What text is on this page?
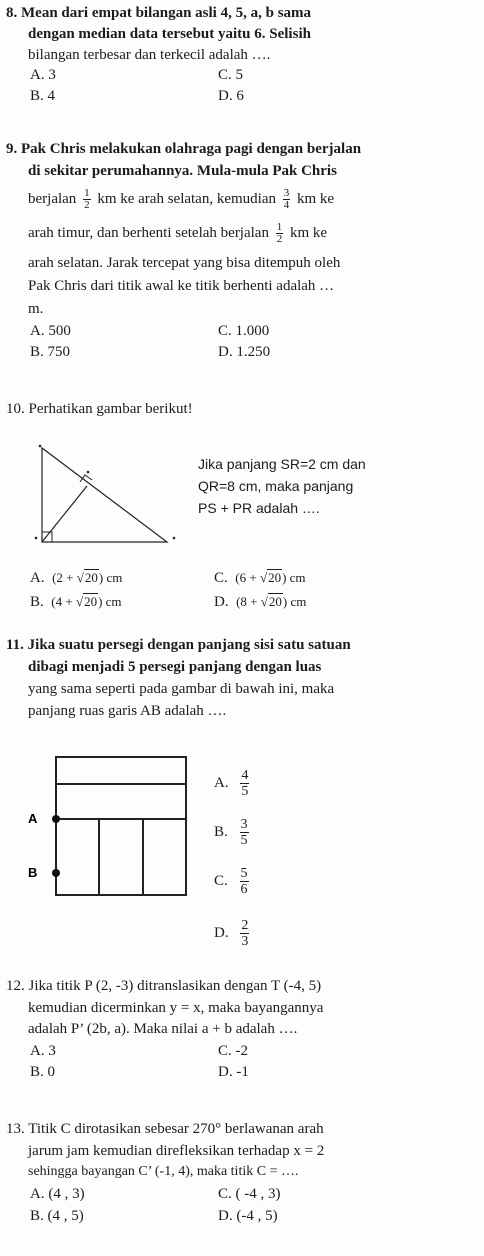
8. Mean dari empat bilangan asli 4, 5, a, b sama
dengan median data tersebut yaitu 6. Selisih
bilangan terbesar dan terkecil adalah ….
A. 3
B. 4
C. 5
D. 6
9. Pak Chris melakukan olahraga pagi dengan berjalan
di sekitar perumahannya. Mula-mula Pak Chris
berjalan $\frac{1}{2}$ km ke arah selatan, kemudian $\frac{3}{4}$ km ke
arah timur, dan berhenti setelah berjalan $\frac{1}{2}$ km ke
arah selatan. Jarak tercepat yang bisa ditempuh oleh
Pak Chris dari titik awal ke titik berhenti adalah …
m.
A. 500
B. 750
C. 1.000
D. 1.250
10. Perhatikan gambar berikut!
Jika panjang SR=2 cm dan
QR=8 cm, maka panjang
PS + PR adalah ….
A. (2 + √20) cm
B. (4 + √20) cm
C. (6 + √20) cm
D. (8 + √20) cm
11. Jika suatu persegi dengan panjang sisi satu satuan
dibagi menjadi 5 persegi panjang dengan luas
yang sama seperti pada gambar di bawah ini, maka
panjang ruas garis AB adalah ….
A
B
A. $\frac{4}{5}$
B. $\frac{3}{5}$
C. $\frac{5}{6}$
D. $\frac{2}{3}$
12. Jika titik P (2, -3) ditranslasikan dengan T (-4, 5)
kemudian dicerminkan y = x, maka bayangannya
adalah P’ (2b, a). Maka nilai a + b adalah ….
A. 3
B. 0
C. -2
D. -1
13. Titik C dirotasikan sebesar 270° berlawanan arah
jarum jam kemudian direfleksikan terhadap x = 2
sehingga bayangan C’ (-1, 4), maka titik C = ….
A. (4 , 3)
B. (4 , 5)
C. ( -4 , 3)
D. (-4 , 5)
